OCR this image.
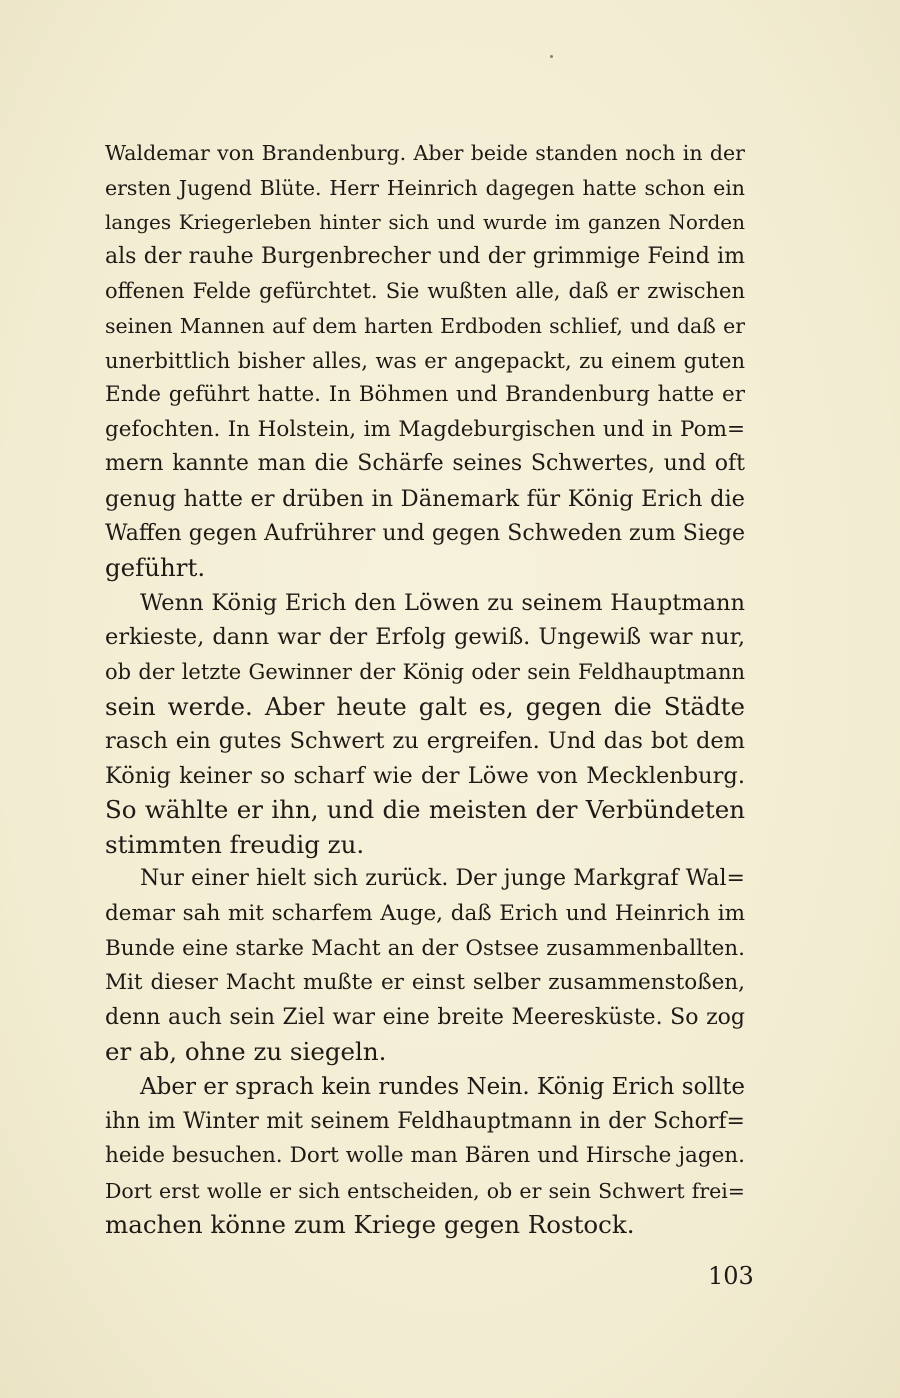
Waldemar von Brandenburg. Aber beide standen noch in der
ersten Jugend Blüte. Herr Heinrich dagegen hatte schon ein
langes Kriegerleben hinter sich und wurde im ganzen Norden
als der rauhe Burgenbrecher und der grimmige Feind im
offenen Felde gefürchtet. Sie wußten alle, daß er zwischen
seinen Mannen auf dem harten Erdboden schlief, und daß er
unerbittlich bisher alles, was er angepackt, zu einem guten
Ende geführt hatte. In Böhmen und Brandenburg hatte er
gefochten. In Holstein, im Magdeburgischen und in Pom=
mern kannte man die Schärfe seines Schwertes, und oft
genug hatte er drüben in Dänemark für König Erich die
Waffen gegen Aufrührer und gegen Schweden zum Siege
geführt.
Wenn König Erich den Löwen zu seinem Hauptmann
erkieste, dann war der Erfolg gewiß. Ungewiß war nur,
ob der letzte Gewinner der König oder sein Feldhauptmann
sein werde. Aber heute galt es, gegen die Städte
rasch ein gutes Schwert zu ergreifen. Und das bot dem
König keiner so scharf wie der Löwe von Mecklenburg.
So wählte er ihn, und die meisten der Verbündeten
stimmten freudig zu.
Nur einer hielt sich zurück. Der junge Markgraf Wal=
demar sah mit scharfem Auge, daß Erich und Heinrich im
Bunde eine starke Macht an der Ostsee zusammenballten.
Mit dieser Macht mußte er einst selber zusammenstoßen,
denn auch sein Ziel war eine breite Meeresküste. So zog
er ab, ohne zu siegeln.
Aber er sprach kein rundes Nein. König Erich sollte
ihn im Winter mit seinem Feldhauptmann in der Schorf=
heide besuchen. Dort wolle man Bären und Hirsche jagen.
Dort erst wolle er sich entscheiden, ob er sein Schwert frei=
machen könne zum Kriege gegen Rostock.
103
